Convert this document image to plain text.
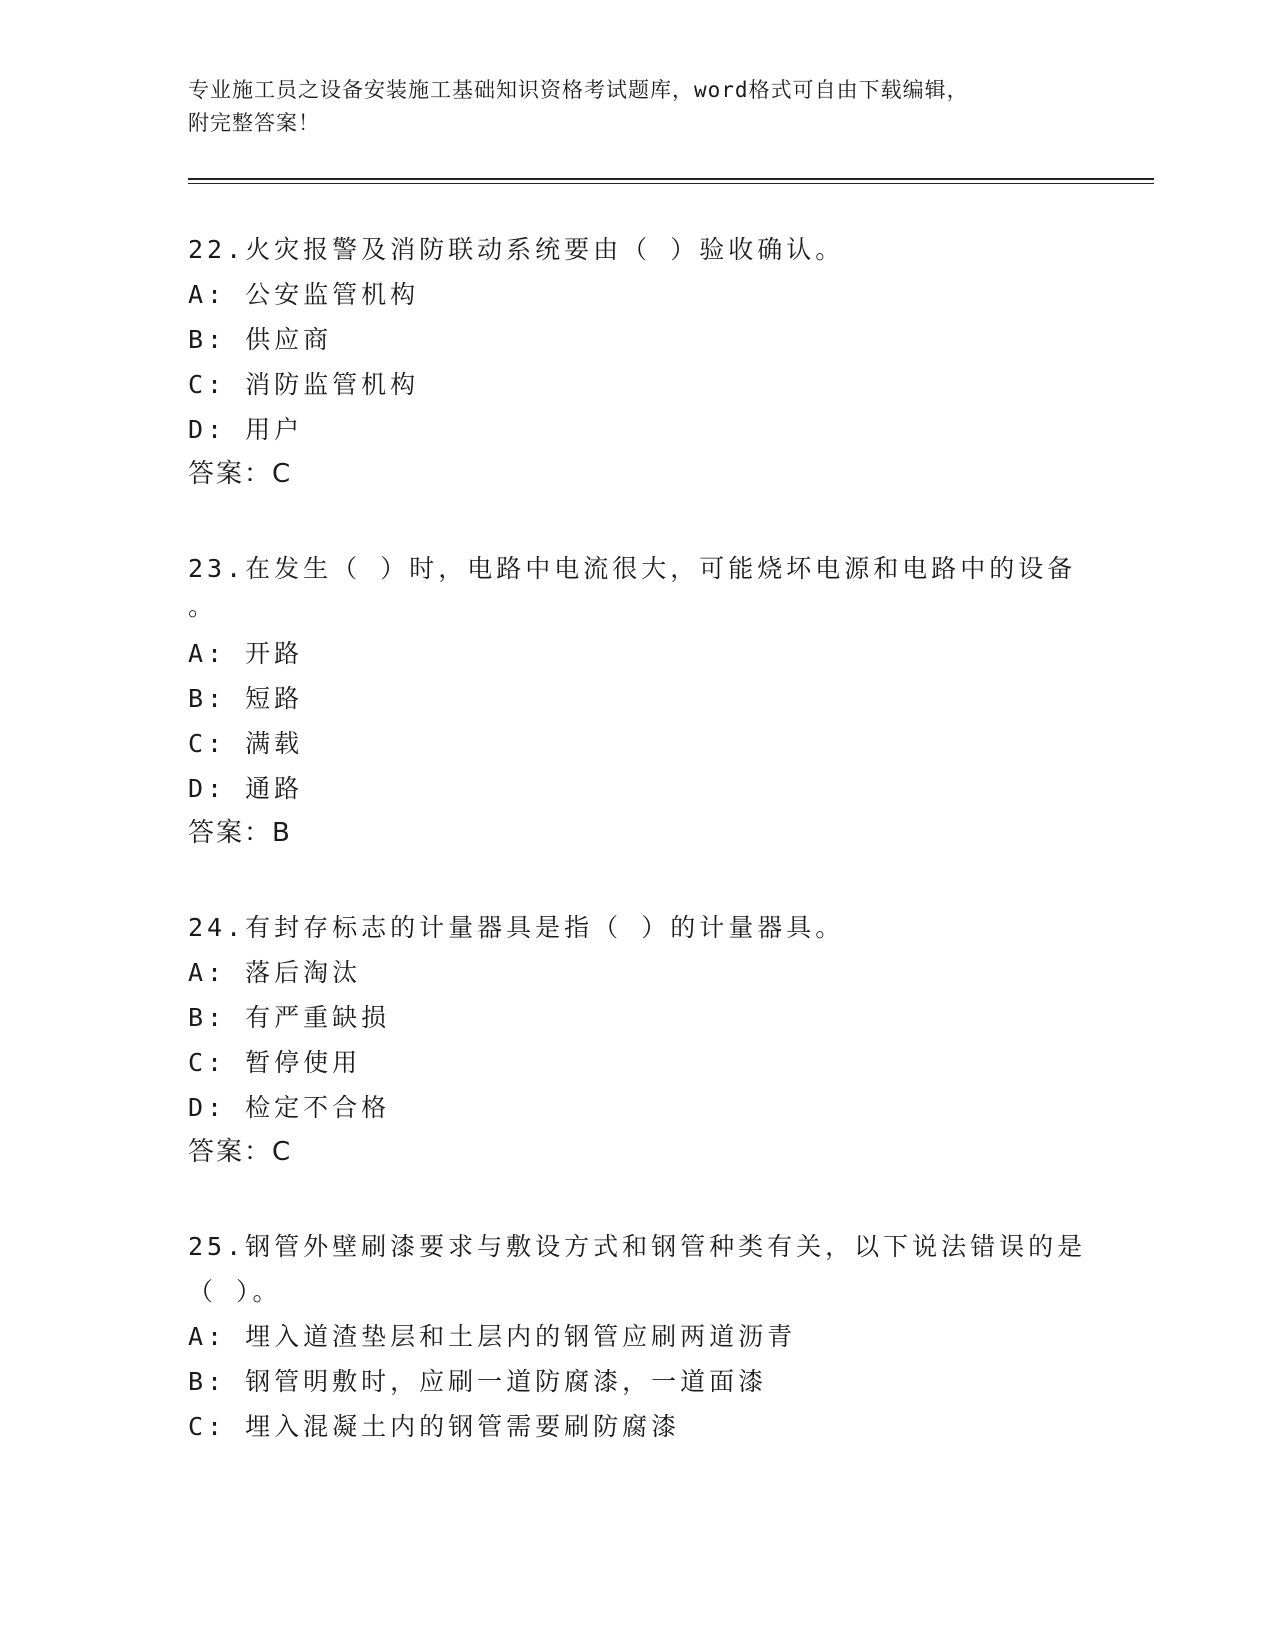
专业施工员之设备安装施工基础知识资格考试题库，word格式可自由下载编辑，
附完整答案！
22.火灾报警及消防联动系统要由（ ）验收确认。
A: 公安监管机构
B: 供应商
C: 消防监管机构
D: 用户
答案：C
23.在发生（ ）时，电路中电流很大，可能烧坏电源和电路中的设备
。
A: 开路
B: 短路
C: 满载
D: 通路
答案：B
24.有封存标志的计量器具是指（ ）的计量器具。
A: 落后淘汰
B: 有严重缺损
C: 暂停使用
D: 检定不合格
答案：C
25.钢管外壁刷漆要求与敷设方式和钢管种类有关，以下说法错误的是
（ ）。
A: 埋入道渣垫层和土层内的钢管应刷两道沥青
B: 钢管明敷时，应刷一道防腐漆，一道面漆
C: 埋入混凝土内的钢管需要刷防腐漆
